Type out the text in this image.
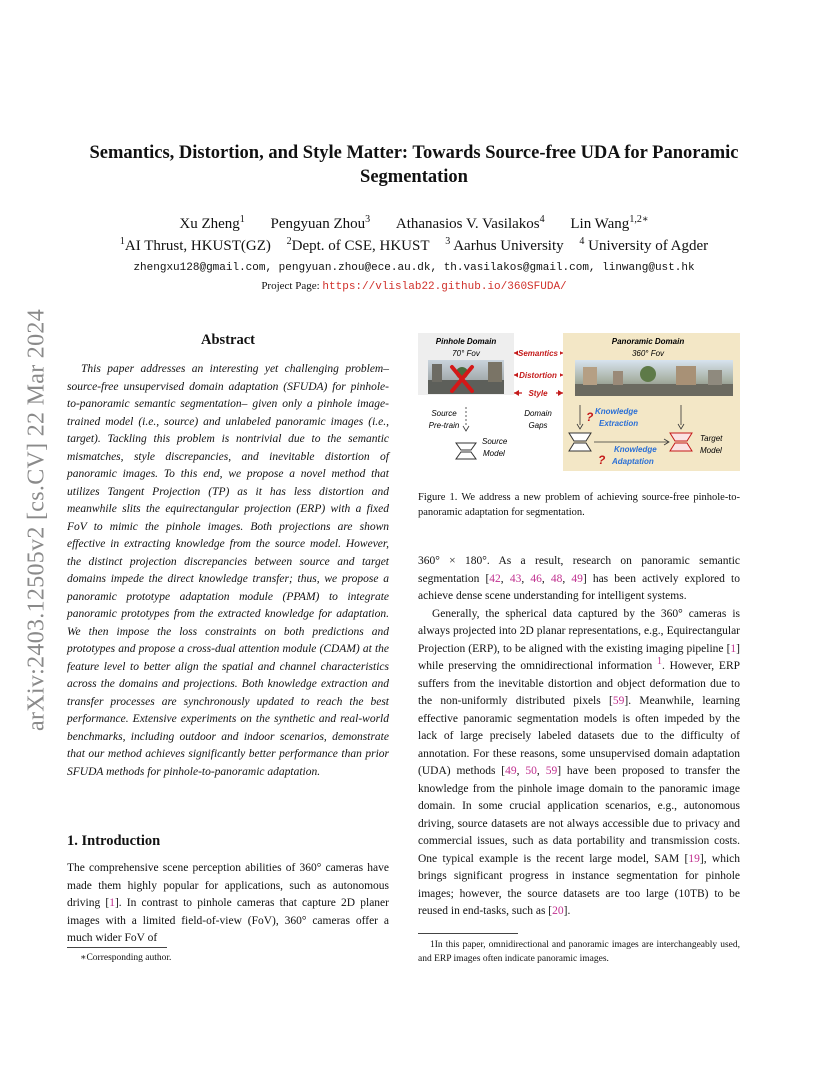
arXiv:2403.12505v2 [cs.CV] 22 Mar 2024
Semantics, Distortion, and Style Matter: Towards Source-free UDA for Panoramic Segmentation
Xu Zheng$^1$ Pengyuan Zhou$^3$ Athanasios V. Vasilakos$^4$ Lin Wang$^{1,2∗}$
$^1$AI Thrust, HKUST(GZ) $^2$Dept. of CSE, HKUST $^3$ Aarhus University $^4$ University of Agder
zhengxu128@gmail.com, pengyuan.zhou@ece.au.dk, th.vasilakos@gmail.com, linwang@ust.hk
Project Page: https://vlislab22.github.io/360SFUDA/
Abstract

This paper addresses an interesting yet challenging problem– source-free unsupervised domain adaptation (SFUDA) for pinhole-to-panoramic semantic segmentation– given only a pinhole image-trained model (i.e., source) and unlabeled panoramic images (i.e., target). Tackling this problem is nontrivial due to the semantic mismatches, style discrepancies, and inevitable distortion of panoramic images. To this end, we propose a novel method that utilizes Tangent Projection (TP) as it has less distortion and meanwhile slits the equirectangular projection (ERP) with a fixed FoV to mimic the pinhole images. Both projections are shown effective in extracting knowledge from the source model. However, the distinct projection discrepancies between source and target domains impede the direct knowledge transfer; thus, we propose a panoramic prototype adaptation module (PPAM) to integrate panoramic prototypes from the extracted knowledge for adaptation. We then impose the loss constraints on both predictions and prototypes and propose a cross-dual attention module (CDAM) at the feature level to better align the spatial and channel characteristics across the domains and projections. Both knowledge extraction and transfer processes are synchronously updated to reach the best performance. Extensive experiments on the synthetic and real-world benchmarks, including outdoor and indoor scenarios, demonstrate that our method achieves significantly better performance than prior SFUDA methods for pinhole-to-panoramic adaptation.

1. Introduction

The comprehensive scene perception abilities of 360° cameras have made them highly popular for applications, such as autonomous driving [1]. In contrast to pinhole cameras that capture 2D planer images with a limited field-of-view (FoV), 360° cameras offer a much wider FoV of

∗Corresponding author.
Pinhole Domain
70° Fov
Panoramic Domain
360° Fov
Semantics
Distortion
Style
Source
Pre-train
Domain
Gaps
? Knowledge
Extraction
Source
Model	?
Knowledge
Adaptation
Target
Model

Figure 1. We address a new problem of achieving source-free pinhole-to-panoramic adaptation for segmentation.

360° × 180°. As a result, research on panoramic semantic segmentation [42, 43, 46, 48, 49] has been actively explored to achieve dense scene understanding for intelligent systems.

Generally, the spherical data captured by the 360° cameras is always projected into 2D planar representations, e.g., Equirectangular Projection (ERP), to be aligned with the existing imaging pipeline [1] while preserving the omnidirectional information $^1$. However, ERP suffers from the inevitable distortion and object deformation due to the non-uniformly distributed pixels [59]. Meanwhile, learning effective panoramic segmentation models is often impeded by the lack of large precisely labeled datasets due to the difficulty of annotation. For these reasons, some unsupervised domain adaptation (UDA) methods [49, 50, 59] have been proposed to transfer the knowledge from the pinhole image domain to the panoramic image domain. In some crucial application scenarios, e.g., autonomous driving, source datasets are not always accessible due to privacy and commercial issues, such as data portability and transmission costs. One typical example is the recent large model, SAM [19], which brings significant progress in instance segmentation for pinhole images; however, the source datasets are too large (10TB) to be reused in end-tasks, such as [20].

1In this paper, omnidirectional and panoramic images are interchangeably used, and ERP images often indicate panoramic images.
